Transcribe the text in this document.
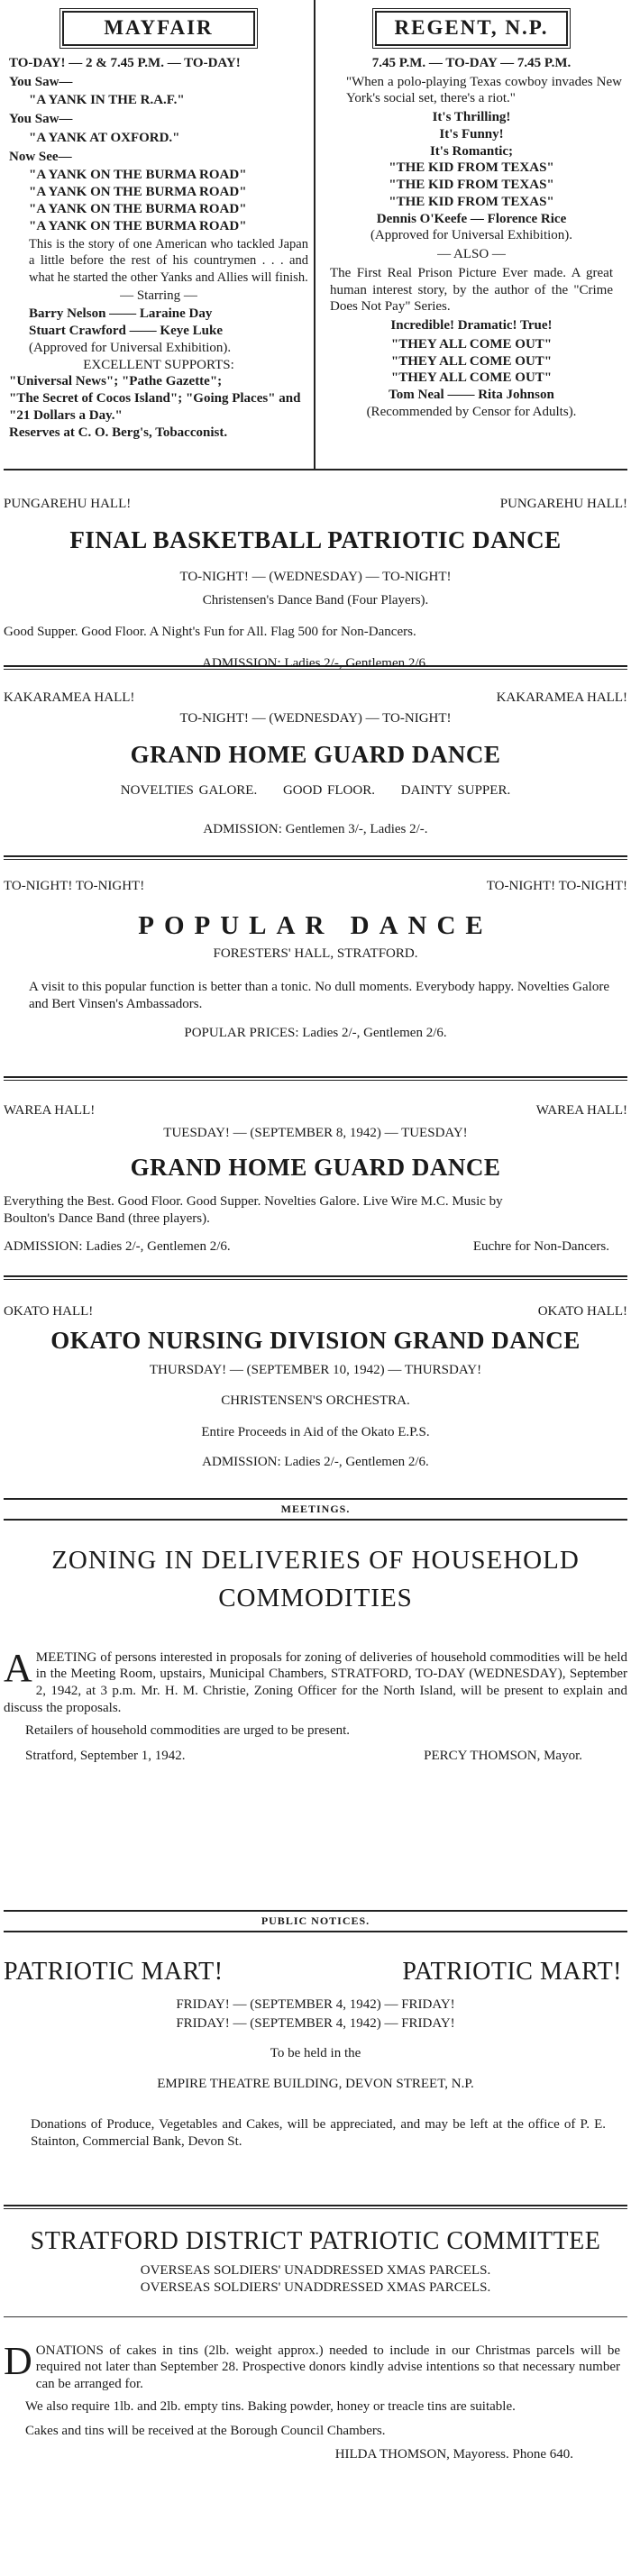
MAYFAIR
TO-DAY! — 2 & 7.45 P.M. — TO-DAY!
You Saw—
"A YANK IN THE R.A.F."
You Saw—
"A YANK AT OXFORD."
Now See—
"A YANK ON THE BURMA ROAD"
"A YANK ON THE BURMA ROAD"
"A YANK ON THE BURMA ROAD"
"A YANK ON THE BURMA ROAD"
This is the story of one American who tackled Japan a little before the rest of his countrymen . . . and what he started the other Yanks and Allies will finish.
— Starring —
Barry Nelson —— Laraine Day
Stuart Crawford —— Keye Luke
(Approved for Universal Exhibition).
EXCELLENT SUPPORTS:
"Universal News"; "Pathe Gazette";
"The Secret of Cocos Island"; "Going Places" and "21 Dollars a Day."
Reserves at C. O. Berg's, Tobacconist.
REGENT, N.P.
7.45 P.M. — TO-DAY — 7.45 P.M.
"When a polo-playing Texas cowboy invades New York's social set, there's a riot."
It's Thrilling!
It's Funny!
It's Romantic;
"THE KID FROM TEXAS"
"THE KID FROM TEXAS"
"THE KID FROM TEXAS"
Dennis O'Keefe — Florence Rice
(Approved for Universal Exhibition).
— ALSO —
The First Real Prison Picture Ever made. A great human interest story, by the author of the "Crime Does Not Pay" Series.
Incredible! Dramatic! True!
"THEY ALL COME OUT"
"THEY ALL COME OUT"
"THEY ALL COME OUT"
Tom Neal —— Rita Johnson
(Recommended by Censor for Adults).
PUNGAREHU HALL!	PUNGAREHU HALL!
FINAL BASKETBALL PATRIOTIC DANCE
TO-NIGHT! — (WEDNESDAY) — TO-NIGHT!
Christensen's Dance Band (Four Players).
Good Supper. Good Floor. A Night's Fun for All. Flag 500 for Non-Dancers.
ADMISSION: Ladies 2/-, Gentlemen 2/6.
KAKARAMEA HALL!	KAKARAMEA HALL!
TO-NIGHT! — (WEDNESDAY) — TO-NIGHT!
GRAND HOME GUARD DANCE
NOVELTIES GALORE. GOOD FLOOR. DAINTY SUPPER.
ADMISSION: Gentlemen 3/-, Ladies 2/-.
TO-NIGHT! TO-NIGHT!	TO-NIGHT! TO-NIGHT!
POPULAR DANCE
FORESTERS' HALL, STRATFORD.
A visit to this popular function is better than a tonic. No dull moments. Everybody happy. Novelties Galore and Bert Vinsen's Ambassadors.
POPULAR PRICES: Ladies 2/-, Gentlemen 2/6.
WAREA HALL!	WAREA HALL!
TUESDAY! — (SEPTEMBER 8, 1942) — TUESDAY!
GRAND HOME GUARD DANCE
Everything the Best. Good Floor. Good Supper. Novelties Galore. Live Wire M.C. Music by Boulton's Dance Band (three players).
ADMISSION: Ladies 2/-, Gentlemen 2/6.	Euchre for Non-Dancers.
OKATO HALL!	OKATO HALL!
OKATO NURSING DIVISION GRAND DANCE
THURSDAY! — (SEPTEMBER 10, 1942) — THURSDAY!
CHRISTENSEN'S ORCHESTRA.
Entire Proceeds in Aid of the Okato E.P.S.
ADMISSION: Ladies 2/-, Gentlemen 2/6.
MEETINGS.
ZONING IN DELIVERIES OF HOUSEHOLD
COMMODITIES
AMEETING of persons interested in proposals for zoning of deliveries of household commodities will be held in the Meeting Room, upstairs, Municipal Chambers, STRATFORD, TO-DAY (WEDNESDAY), September 2, 1942, at 3 p.m. Mr. H. M. Christie, Zoning Officer for the North Island, will be present to explain and discuss the proposals.
Retailers of household commodities are urged to be present.
Stratford, September 1, 1942.	PERCY THOMSON, Mayor.
PUBLIC NOTICES.
PATRIOTIC MART!	PATRIOTIC MART!
FRIDAY! — (SEPTEMBER 4, 1942) — FRIDAY!
FRIDAY! — (SEPTEMBER 4, 1942) — FRIDAY!
To be held in the
EMPIRE THEATRE BUILDING, DEVON STREET, N.P.
Donations of Produce, Vegetables and Cakes, will be appreciated, and may be left at the office of P. E. Stainton, Commercial Bank, Devon St.
STRATFORD DISTRICT PATRIOTIC COMMITTEE
OVERSEAS SOLDIERS' UNADDRESSED XMAS PARCELS.
OVERSEAS SOLDIERS' UNADDRESSED XMAS PARCELS.
DONATIONS of cakes in tins (2lb. weight approx.) needed to include in our Christmas parcels will be required not later than September 28. Prospective donors kindly advise intentions so that necessary number can be arranged for.
We also require 1lb. and 2lb. empty tins. Baking powder, honey or treacle tins are suitable.
Cakes and tins will be received at the Borough Council Chambers.
HILDA THOMSON, Mayoress. Phone 640.
